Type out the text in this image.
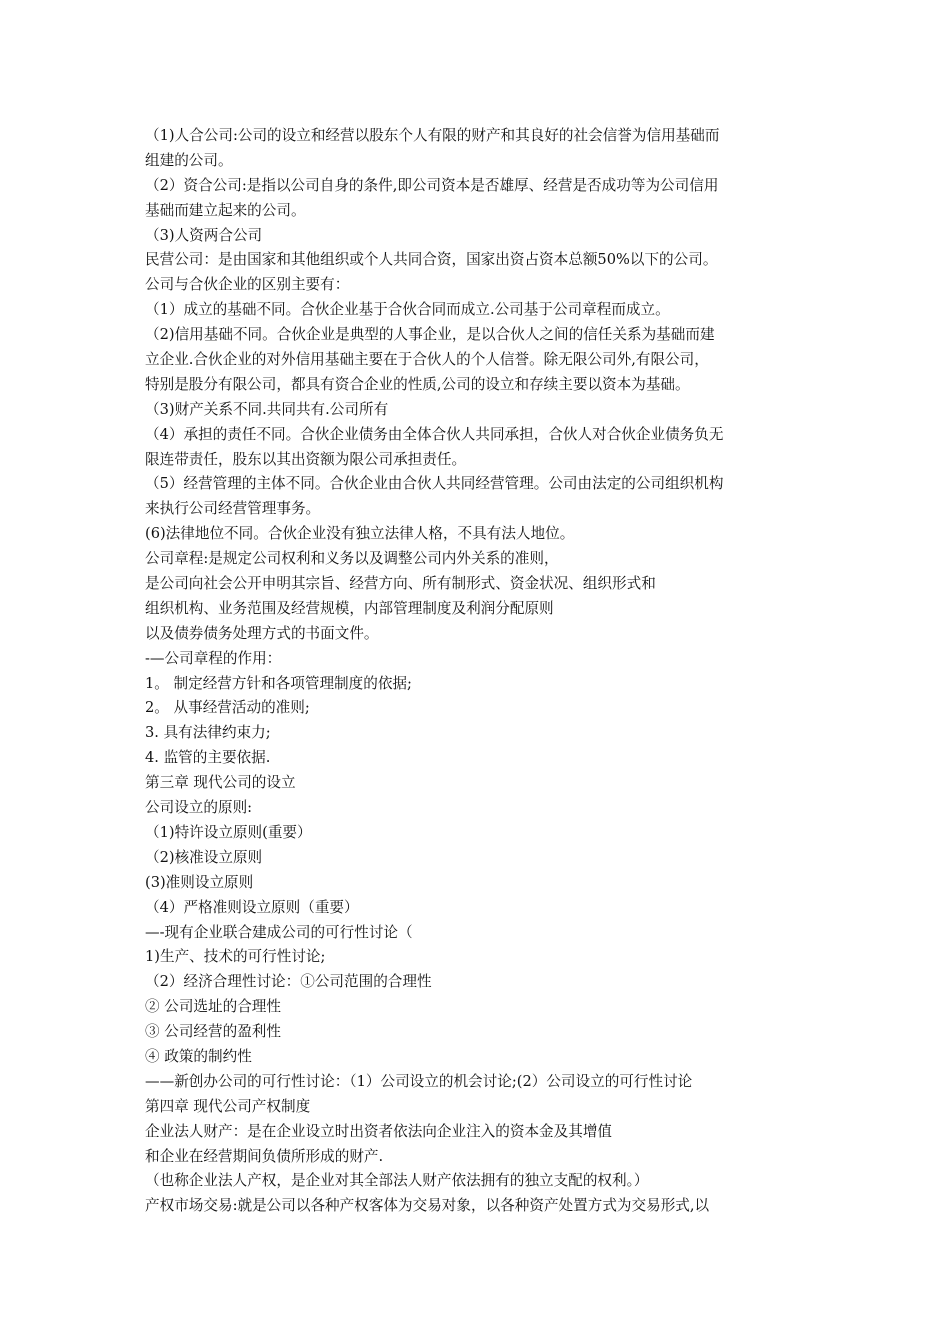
（1)人合公司:公司的设立和经营以股东个人有限的财产和其良好的社会信誉为信用基础而
组建的公司。
（2）资合公司:是指以公司自身的条件,即公司资本是否雄厚、经营是否成功等为公司信用
基础而建立起来的公司。
（3)人资两合公司
民营公司：是由国家和其他组织或个人共同合资，国家出资占资本总额50%以下的公司。
公司与合伙企业的区别主要有：
（1）成立的基础不同。合伙企业基于合伙合同而成立.公司基于公司章程而成立。
（2)信用基础不同。合伙企业是典型的人事企业，是以合伙人之间的信任关系为基础而建
立企业.合伙企业的对外信用基础主要在于合伙人的个人信誉。除无限公司外,有限公司，
特别是股分有限公司，都具有资合企业的性质,公司的设立和存续主要以资本为基础。
（3)财产关系不同.共同共有.公司所有
（4）承担的责任不同。合伙企业债务由全体合伙人共同承担，合伙人对合伙企业债务负无
限连带责任，股东以其出资额为限公司承担责任。
（5）经营管理的主体不同。合伙企业由合伙人共同经营管理。公司由法定的公司组织机构
来执行公司经营管理事务。
(6)法律地位不同。合伙企业没有独立法律人格，不具有法人地位。
公司章程:是规定公司权利和义务以及调整公司内外关系的准则，
是公司向社会公开申明其宗旨、经营方向、所有制形式、资金状况、组织形式和
组织机构、业务范围及经营规模，内部管理制度及利润分配原则
以及债券债务处理方式的书面文件。
-—公司章程的作用：
1。 制定经营方针和各项管理制度的依据;
2。 从事经营活动的准则;
3. 具有法律约束力;
4. 监管的主要依据.
第三章 现代公司的设立
公司设立的原则:
（1)特许设立原则(重要）
（2)核准设立原则
(3)准则设立原则
（4）严格准则设立原则（重要）
—-现有企业联合建成公司的可行性讨论（
1)生产、技术的可行性讨论;
（2）经济合理性讨论：①公司范围的合理性
② 公司选址的合理性
③ 公司经营的盈利性
④ 政策的制约性
——新创办公司的可行性讨论：（1）公司设立的机会讨论;(2）公司设立的可行性讨论
第四章 现代公司产权制度
企业法人财产：是在企业设立时出资者依法向企业注入的资本金及其增值
和企业在经营期间负债所形成的财产.
（也称企业法人产权，是企业对其全部法人财产依法拥有的独立支配的权利。）
产权市场交易:就是公司以各种产权客体为交易对象，以各种资产处置方式为交易形式,以
